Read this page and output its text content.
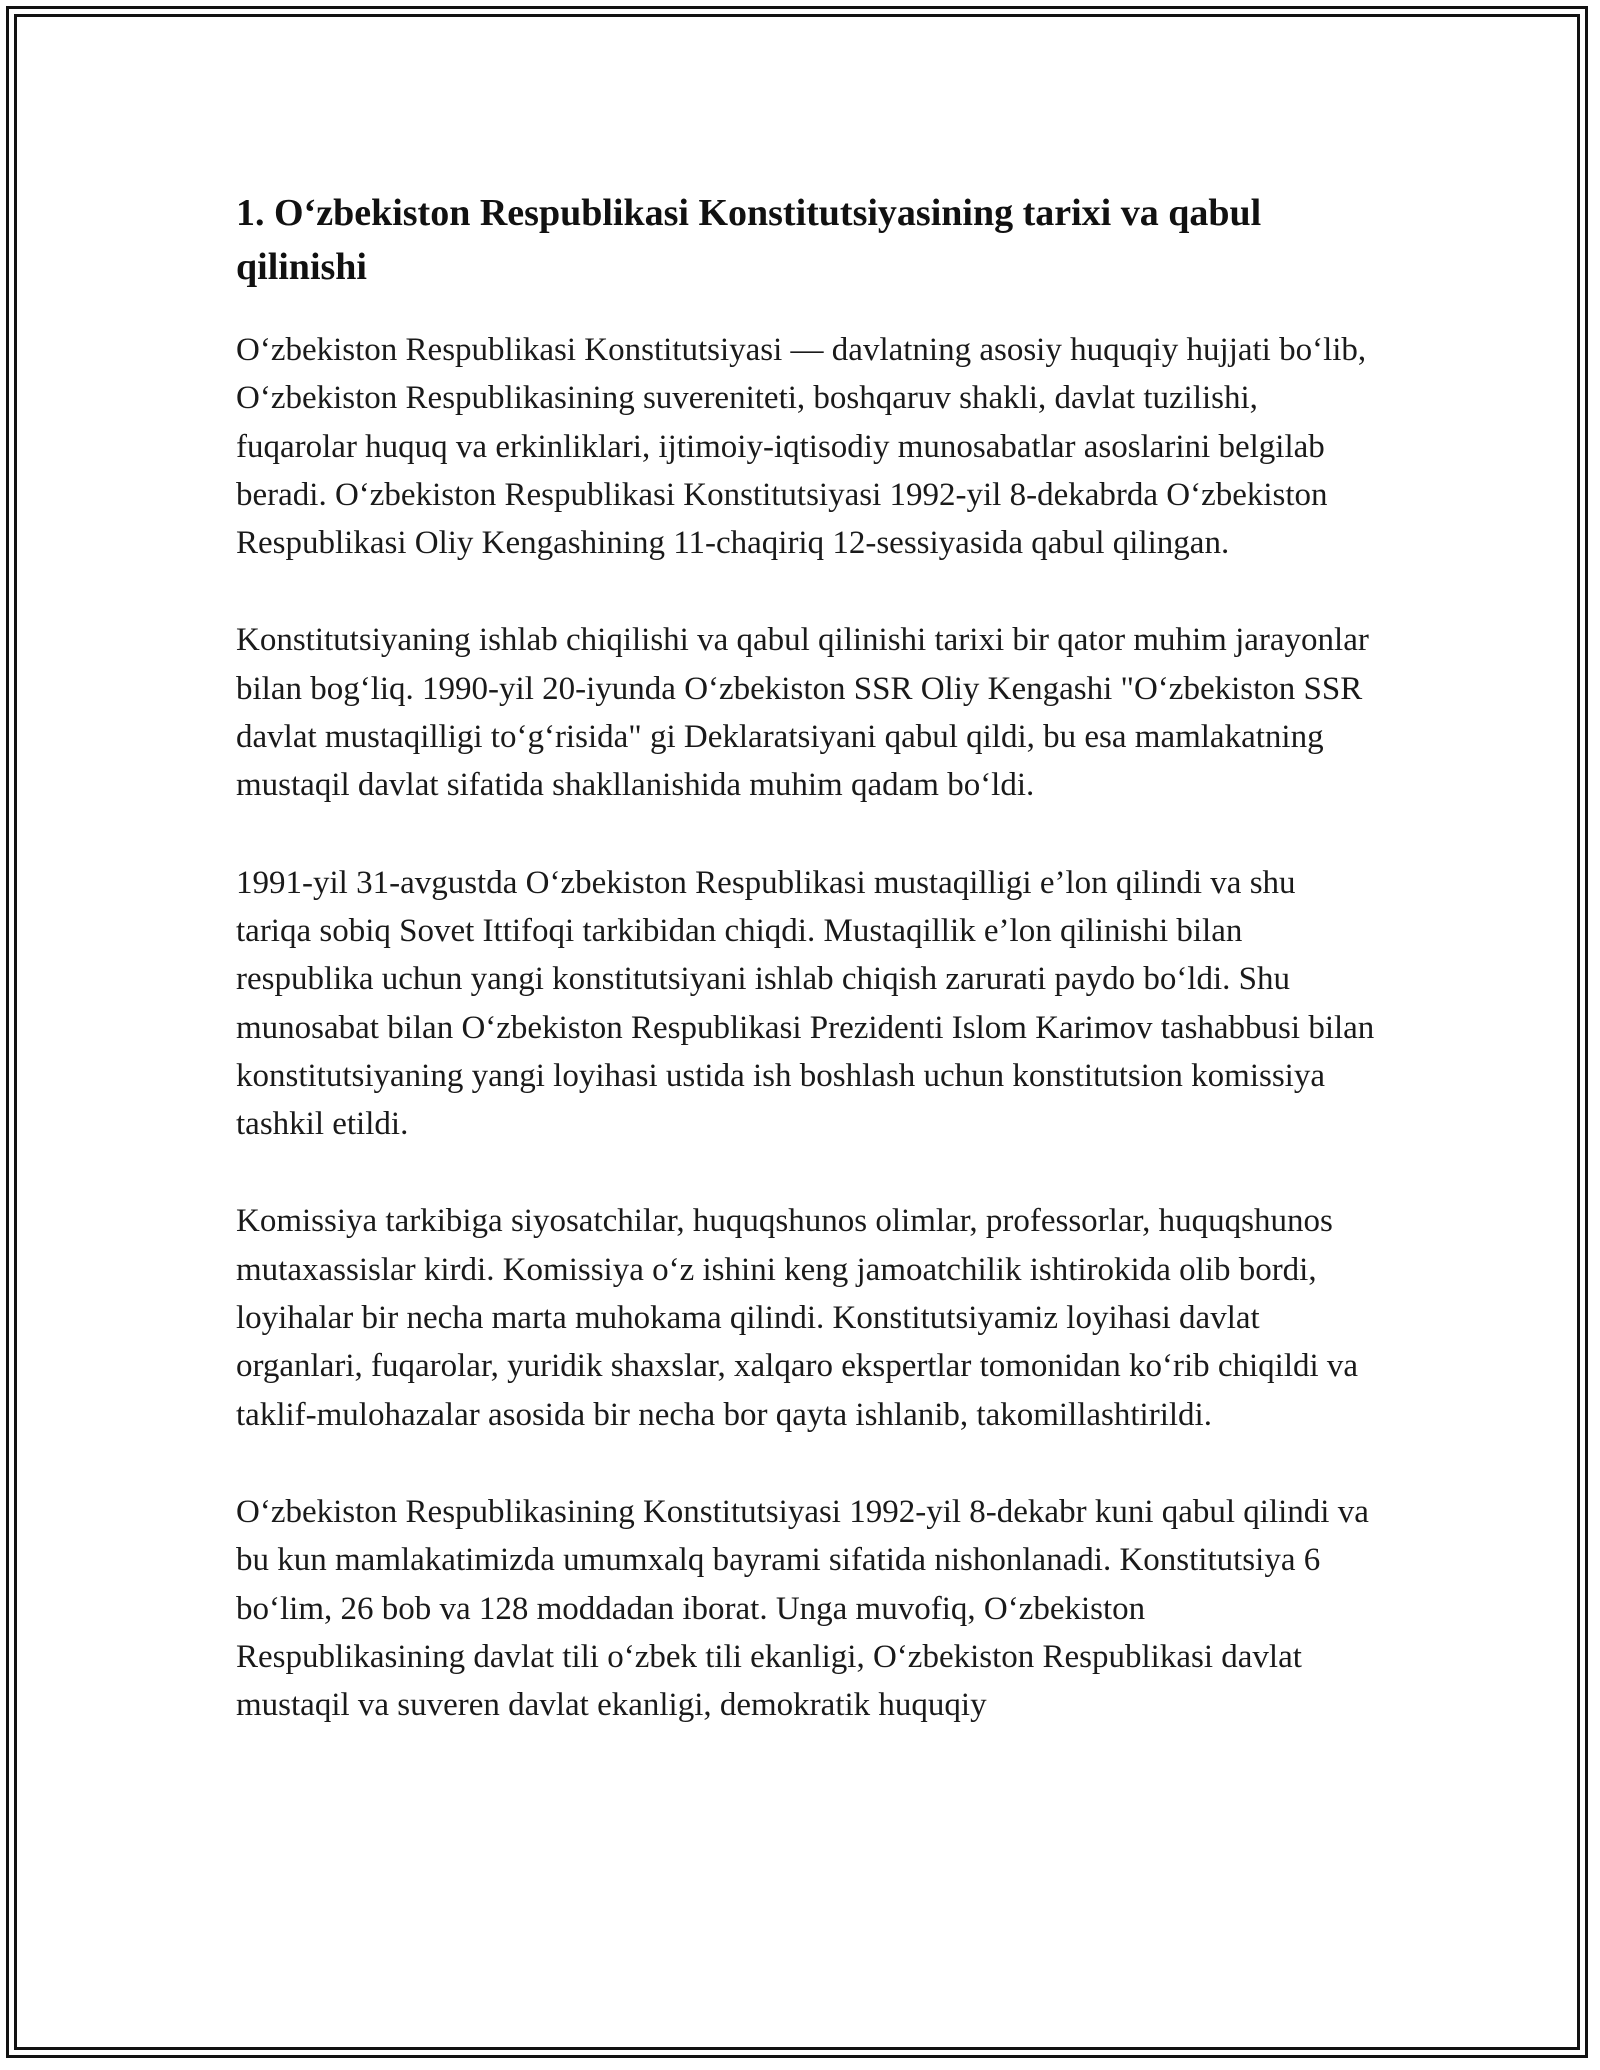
1. O‘zbekiston Respublikasi Konstitutsiyasining tarixi va qabul qilinishi

O‘zbekiston Respublikasi Konstitutsiyasi — davlatning asosiy huquqiy hujjati bo‘lib, O‘zbekiston Respublikasining suvereniteti, boshqaruv shakli, davlat tuzilishi, fuqarolar huquq va erkinliklari, ijtimoiy-iqtisodiy munosabatlar asoslarini belgilab beradi. O‘zbekiston Respublikasi Konstitutsiyasi 1992-yil 8-dekabrda O‘zbekiston Respublikasi Oliy Kengashining 11-chaqiriq 12-sessiyasida qabul qilingan.

Konstitutsiyaning ishlab chiqilishi va qabul qilinishi tarixi bir qator muhim jarayonlar bilan bog‘liq. 1990-yil 20-iyunda O‘zbekiston SSR Oliy Kengashi "O‘zbekiston SSR davlat mustaqilligi to‘g‘risida" gi Deklaratsiyani qabul qildi, bu esa mamlakatning mustaqil davlat sifatida shakllanishida muhim qadam bo‘ldi.

1991-yil 31-avgustda O‘zbekiston Respublikasi mustaqilligi e’lon qilindi va shu tariqa sobiq Sovet Ittifoqi tarkibidan chiqdi. Mustaqillik e’lon qilinishi bilan respublika uchun yangi konstitutsiyani ishlab chiqish zarurati paydo bo‘ldi. Shu munosabat bilan O‘zbekiston Respublikasi Prezidenti Islom Karimov tashabbusi bilan konstitutsiyaning yangi loyihasi ustida ish boshlash uchun konstitutsion komissiya tashkil etildi.

Komissiya tarkibiga siyosatchilar, huquqshunos olimlar, professorlar, huquqshunos mutaxassislar kirdi. Komissiya o‘z ishini keng jamoatchilik ishtirokida olib bordi, loyihalar bir necha marta muhokama qilindi. Konstitutsiyamiz loyihasi davlat organlari, fuqarolar, yuridik shaxslar, xalqaro ekspertlar tomonidan ko‘rib chiqildi va taklif-mulohazalar asosida bir necha bor qayta ishlanib, takomillashtirildi.

O‘zbekiston Respublikasining Konstitutsiyasi 1992-yil 8-dekabr kuni qabul qilindi va bu kun mamlakatimizda umumxalq bayrami sifatida nishonlanadi. Konstitutsiya 6 bo‘lim, 26 bob va 128 moddadan iborat. Unga muvofiq, O‘zbekiston Respublikasining davlat tili o‘zbek tili ekanligi, O‘zbekiston Respublikasi davlat mustaqil va suveren davlat ekanligi, demokratik huquqiy
